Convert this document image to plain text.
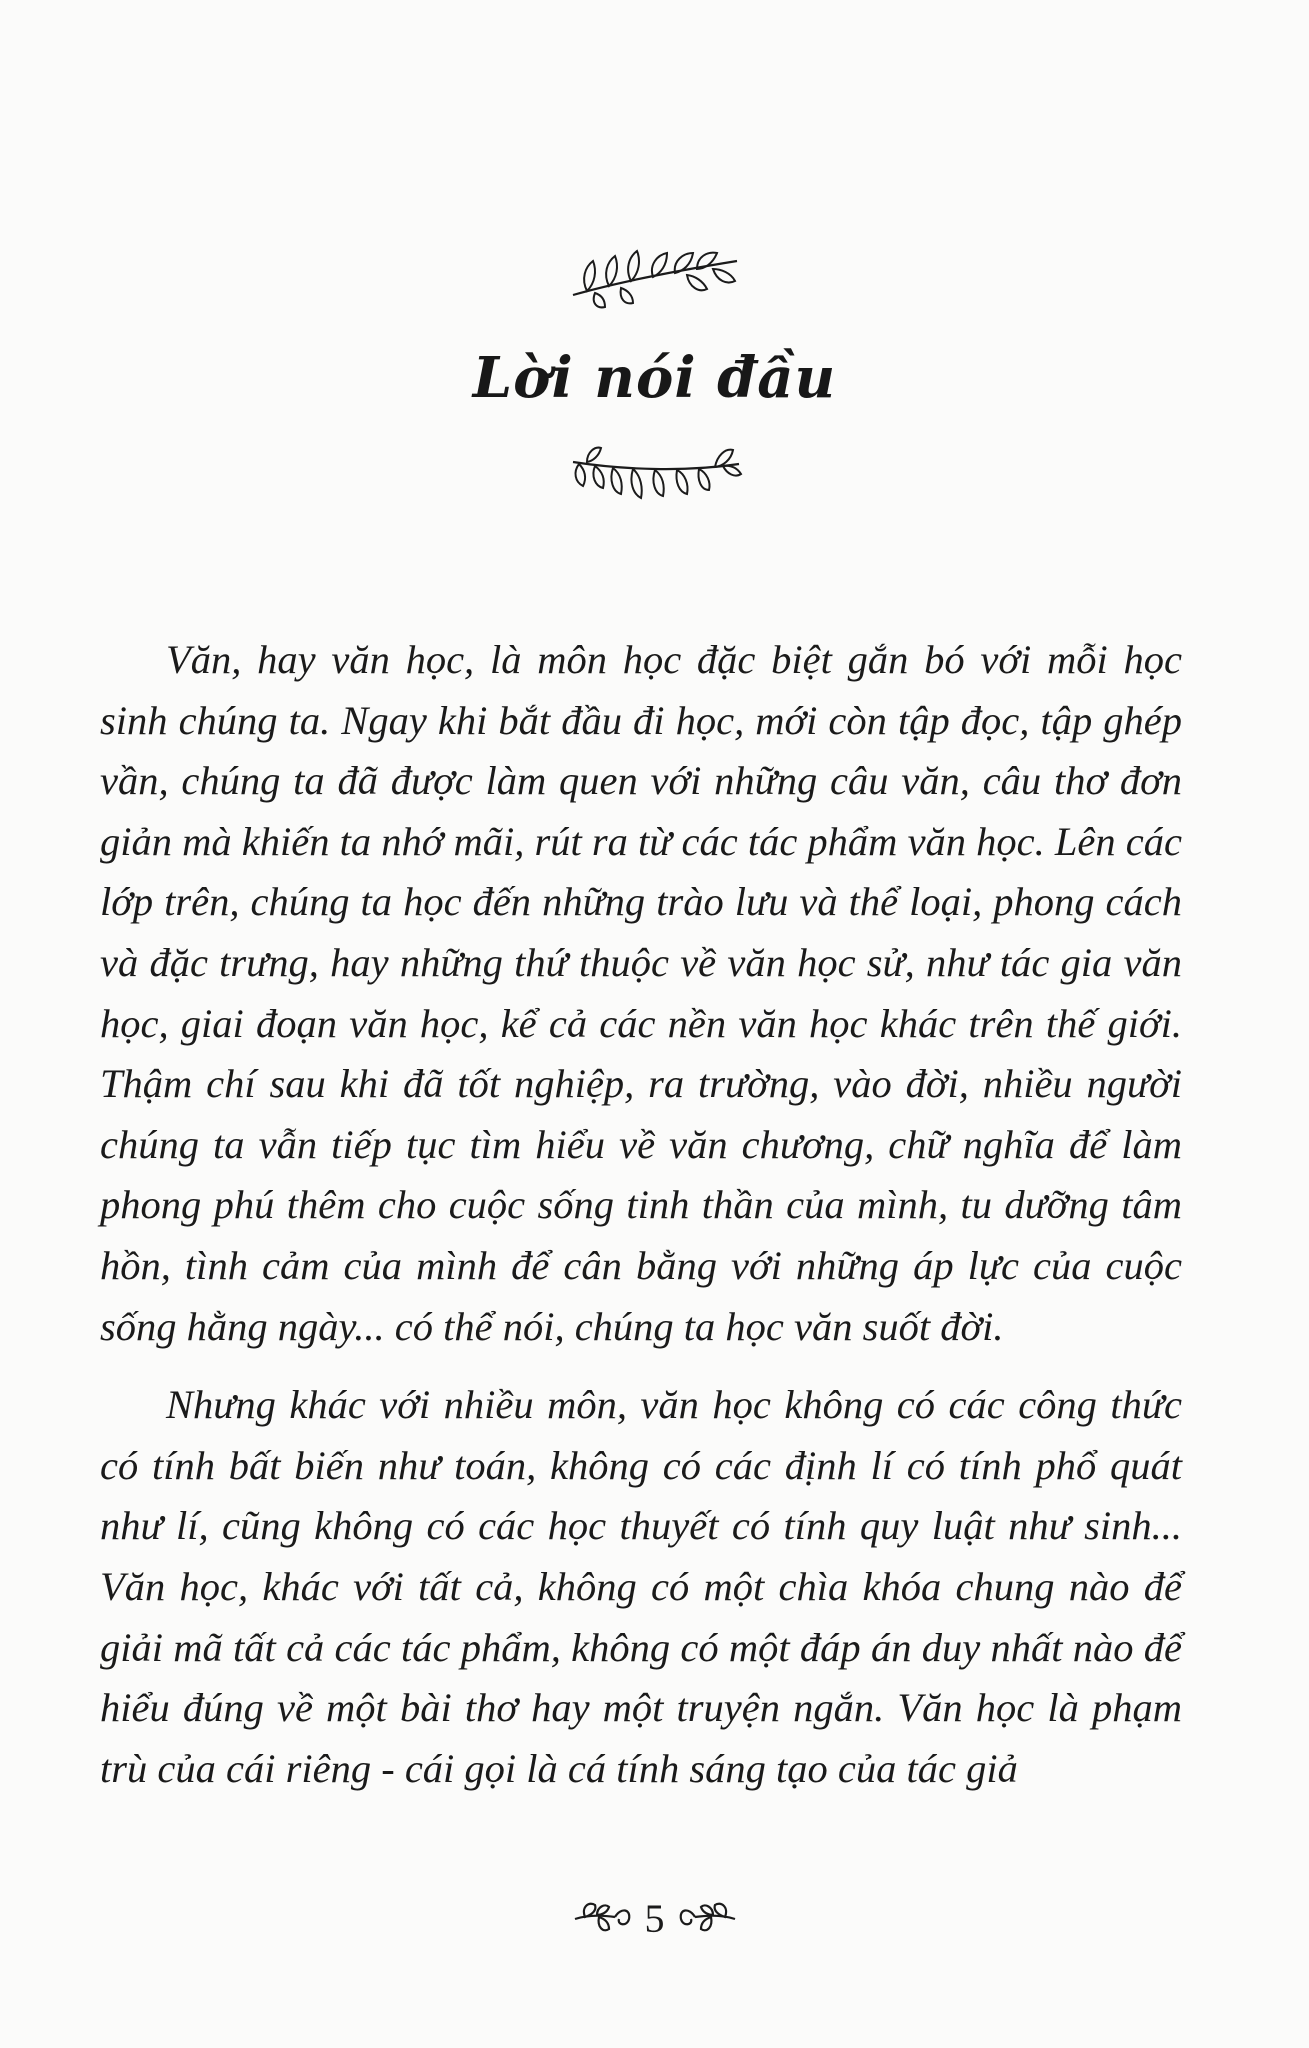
Lời nói đầu

Văn, hay văn học, là môn học đặc biệt gắn bó với mỗi học sinh chúng ta. Ngay khi bắt đầu đi học, mới còn tập đọc, tập ghép vần, chúng ta đã được làm quen với những câu văn, câu thơ đơn giản mà khiến ta nhớ mãi, rút ra từ các tác phẩm văn học. Lên các lớp trên, chúng ta học đến những trào lưu và thể loại, phong cách và đặc trưng, hay những thứ thuộc về văn học sử, như tác gia văn học, giai đoạn văn học, kể cả các nền văn học khác trên thế giới. Thậm chí sau khi đã tốt nghiệp, ra trường, vào đời, nhiều người chúng ta vẫn tiếp tục tìm hiểu về văn chương, chữ nghĩa để làm phong phú thêm cho cuộc sống tinh thần của mình, tu dưỡng tâm hồn, tình cảm của mình để cân bằng với những áp lực của cuộc sống hằng ngày... có thể nói, chúng ta học văn suốt đời.

Nhưng khác với nhiều môn, văn học không có các công thức có tính bất biến như toán, không có các định lí có tính phổ quát như lí, cũng không có các học thuyết có tính quy luật như sinh... Văn học, khác với tất cả, không có một chìa khóa chung nào để giải mã tất cả các tác phẩm, không có một đáp án duy nhất nào để hiểu đúng về một bài thơ hay một truyện ngắn. Văn học là phạm trù của cái riêng - cái gọi là cá tính sáng tạo của tác giả

5
